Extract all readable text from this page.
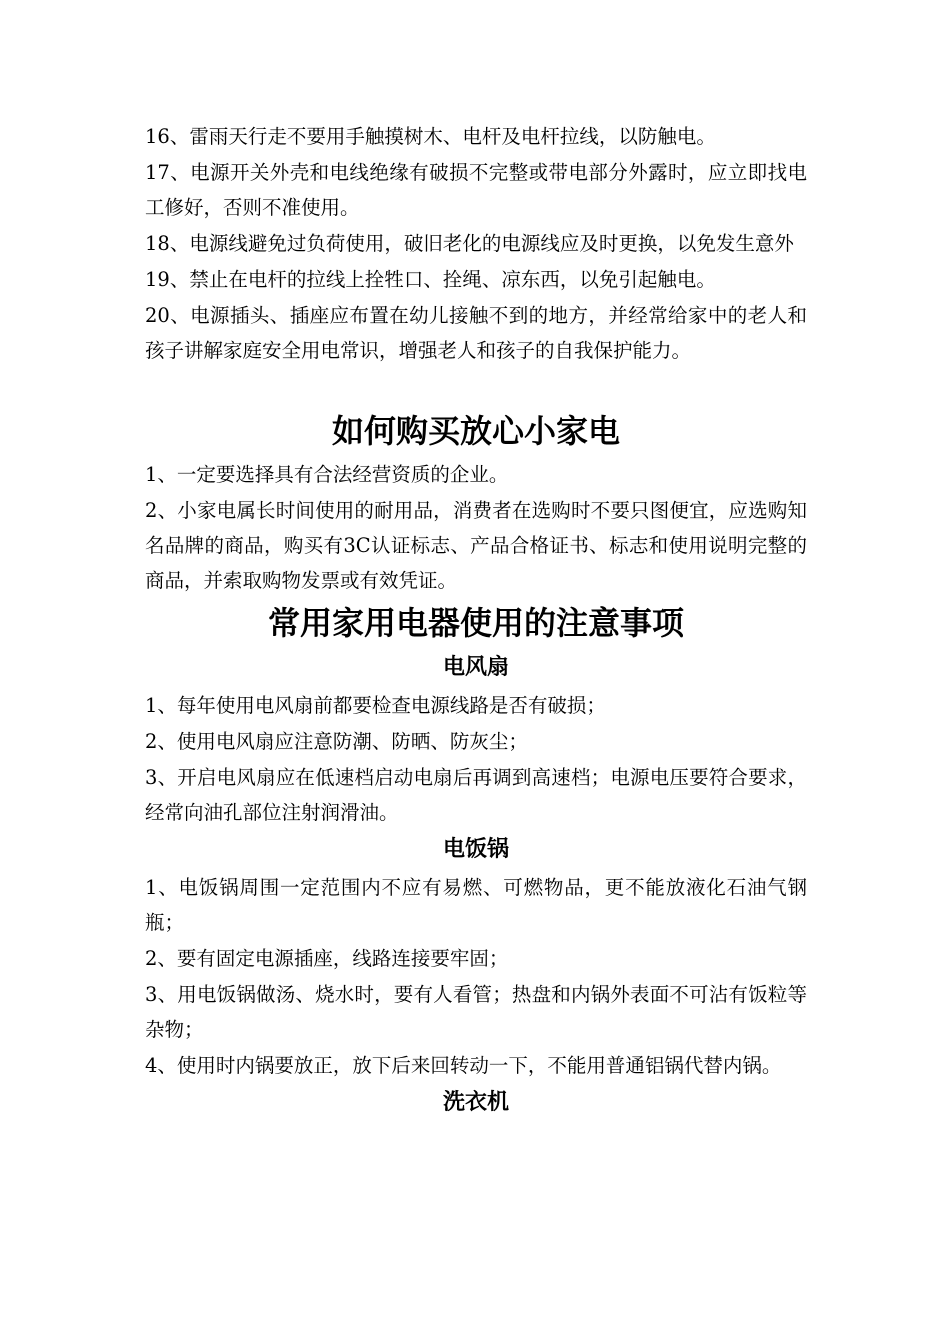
16、雷雨天行走不要用手触摸树木、电杆及电杆拉线，以防触电。

17、电源开关外壳和电线绝缘有破损不完整或带电部分外露时，应立即找电工修好，否则不准使用。

18、电源线避免过负荷使用，破旧老化的电源线应及时更换，以免发生意外

19、禁止在电杆的拉线上拴牲口、拴绳、凉东西，以免引起触电。

20、电源插头、插座应布置在幼儿接触不到的地方，并经常给家中的老人和孩子讲解家庭安全用电常识，增强老人和孩子的自我保护能力。

如何购买放心小家电

1、一定要选择具有合法经营资质的企业。

2、小家电属长时间使用的耐用品，消费者在选购时不要只图便宜，应选购知名品牌的商品，购买有3C认证标志、产品合格证书、标志和使用说明完整的商品，并索取购物发票或有效凭证。

常用家用电器使用的注意事项
电风扇

1、每年使用电风扇前都要检查电源线路是否有破损；

2、使用电风扇应注意防潮、防晒、防灰尘；

3、开启电风扇应在低速档启动电扇后再调到高速档；电源电压要符合要求，经常向油孔部位注射润滑油。

电饭锅

1、电饭锅周围一定范围内不应有易燃、可燃物品，更不能放液化石油气钢瓶；

2、要有固定电源插座，线路连接要牢固；

3、用电饭锅做汤、烧水时，要有人看管；热盘和内锅外表面不可沾有饭粒等杂物；

4、使用时内锅要放正，放下后来回转动一下，不能用普通铝锅代替内锅。

洗衣机
